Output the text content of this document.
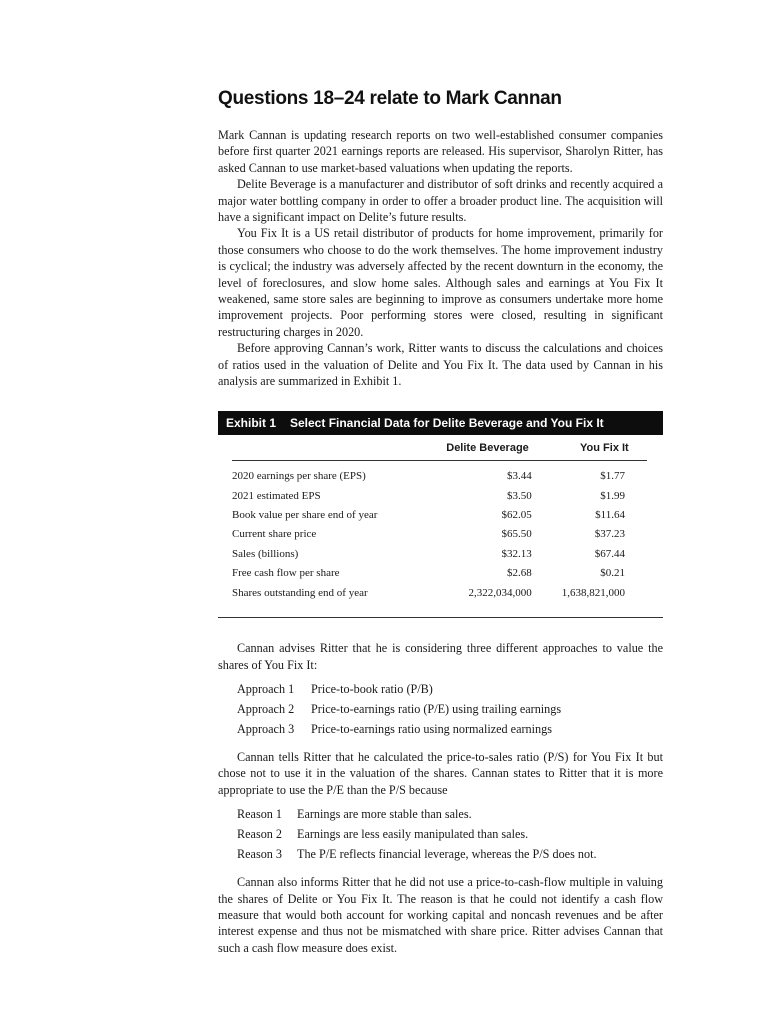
Questions 18–24 relate to Mark Cannan

Mark Cannan is updating research reports on two well-established consumer companies before first quarter 2021 earnings reports are released. His supervisor, Sharolyn Ritter, has asked Cannan to use market-based valuations when updating the reports.

Delite Beverage is a manufacturer and distributor of soft drinks and recently acquired a major water bottling company in order to offer a broader product line. The acquisition will have a significant impact on Delite’s future results.

You Fix It is a US retail distributor of products for home improvement, primarily for those consumers who choose to do the work themselves. The home improvement industry is cyclical; the industry was adversely affected by the recent downturn in the economy, the level of foreclosures, and slow home sales. Although sales and earnings at You Fix It weakened, same store sales are beginning to improve as consumers undertake more home improvement projects. Poor performing stores were closed, resulting in significant restructuring charges in 2020.

Before approving Cannan’s work, Ritter wants to discuss the calculations and choices of ratios used in the valuation of Delite and You Fix It. The data used by Cannan in his analysis are summarized in Exhibit 1.

Exhibit 1 Select Financial Data for Delite Beverage and You Fix It
	Delite Beverage	You Fix It
2020 earnings per share (EPS)	$3.44	$1.77
2021 estimated EPS	$3.50	$1.99
Book value per share end of year	$62.05	$11.64
Current share price	$65.50	$37.23
Sales (billions)	$32.13	$67.44
Free cash flow per share	$2.68	$0.21
Shares outstanding end of year	2,322,034,000	1,638,821,000

Cannan advises Ritter that he is considering three different approaches to value the shares of You Fix It:

Approach 1 Price-to-book ratio (P/B)
Approach 2 Price-to-earnings ratio (P/E) using trailing earnings
Approach 3 Price-to-earnings ratio using normalized earnings

Cannan tells Ritter that he calculated the price-to-sales ratio (P/S) for You Fix It but chose not to use it in the valuation of the shares. Cannan states to Ritter that it is more appropriate to use the P/E than the P/S because

Reason 1 Earnings are more stable than sales.
Reason 2 Earnings are less easily manipulated than sales.
Reason 3 The P/E reflects financial leverage, whereas the P/S does not.

Cannan also informs Ritter that he did not use a price-to-cash-flow multiple in valuing the shares of Delite or You Fix It. The reason is that he could not identify a cash flow measure that would both account for working capital and noncash revenues and be after interest expense and thus not be mismatched with share price. Ritter advises Cannan that such a cash flow measure does exist.
